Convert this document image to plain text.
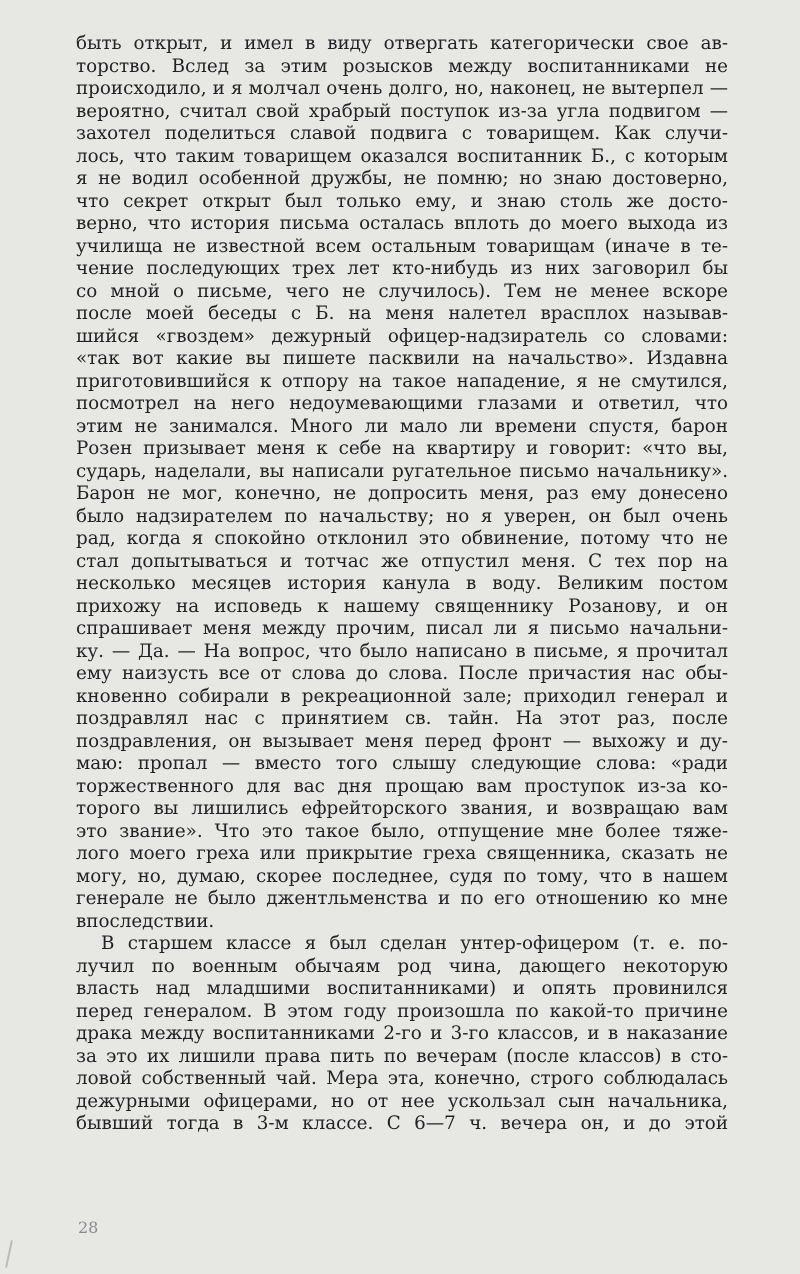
быть открыт, и имел в виду отвергать категорически свое ав-
торство. Вслед за этим розысков между воспитанниками не
происходило, и я молчал очень долго, но, наконец, не вытерпел —
вероятно, считал свой храбрый поступок из-за угла подвигом —
захотел поделиться славой подвига с товарищем. Как случи-
лось, что таким товарищем оказался воспитанник Б., с которым
я не водил особенной дружбы, не помню; но знаю достоверно,
что секрет открыт был только ему, и знаю столь же досто-
верно, что история письма осталась вплоть до моего выхода из
училища не известной всем остальным товарищам (иначе в те-
чение последующих трех лет кто-нибудь из них заговорил бы
со мной о письме, чего не случилось). Тем не менее вскоре
после моей беседы с Б. на меня налетел врасплох называв-
шийся «гвоздем» дежурный офицер-надзиратель со словами:
«так вот какие вы пишете пасквили на начальство». Издавна
приготовившийся к отпору на такое нападение, я не смутился,
посмотрел на него недоумевающими глазами и ответил, что
этим не занимался. Много ли мало ли времени спустя, барон
Розен призывает меня к себе на квартиру и говорит: «что вы,
сударь, наделали, вы написали ругательное письмо начальнику».
Барон не мог, конечно, не допросить меня, раз ему донесено
было надзирателем по начальству; но я уверен, он был очень
рад, когда я спокойно отклонил это обвинение, потому что не
стал допытываться и тотчас же отпустил меня. С тех пор на
несколько месяцев история канула в воду. Великим постом
прихожу на исповедь к нашему священнику Розанову, и он
спрашивает меня между прочим, писал ли я письмо начальни-
ку. — Да. — На вопрос, что было написано в письме, я прочитал
ему наизусть все от слова до слова. После причастия нас обы-
кновенно собирали в рекреационной зале; приходил генерал и
поздравлял нас с принятием св. тайн. На этот раз, после
поздравления, он вызывает меня перед фронт — выхожу и ду-
маю: пропал — вместо того слышу следующие слова: «ради
торжественного для вас дня прощаю вам проступок из-за ко-
торого вы лишились ефрейторского звания, и возвращаю вам
это звание». Что это такое было, отпущение мне более тяже-
лого моего греха или прикрытие греха священника, сказать не
могу, но, думаю, скорее последнее, судя по тому, что в нашем
генерале не было джентльменства и по его отношению ко мне
впоследствии.
В старшем классе я был сделан унтер-офицером (т. е. по-
лучил по военным обычаям род чина, дающего некоторую
власть над младшими воспитанниками) и опять провинился
перед генералом. В этом году произошла по какой-то причине
драка между воспитанниками 2-го и 3-го классов, и в наказание
за это их лишили права пить по вечерам (после классов) в сто-
ловой собственный чай. Мера эта, конечно, строго соблюдалась
дежурными офицерами, но от нее ускользал сын начальника,
бывший тогда в 3-м классе. С 6—7 ч. вечера он, и до этой
28
